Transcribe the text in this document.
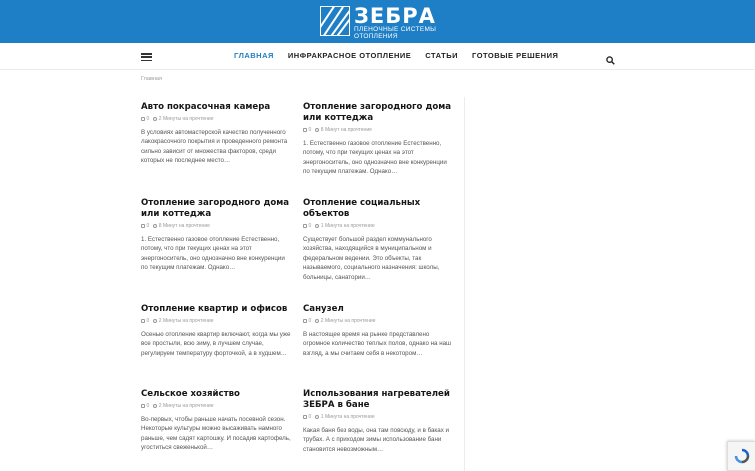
ЗЕБРА
ПЛЕНОЧНЫЕ СИСТЕМЫ
ОТОПЛЕНИЯ
ГЛАВНАЯ ИНФРАКРАСНОЕ ОТОПЛЕНИЕ СТАТЬИ ГОТОВЫЕ РЕШЕНИЯ
Главная
Авто покрасочная камера
0 2 Минуты на прочтение
В условиях автомастерской качество полученного лакокрасочного покрытия и проведенного ремонта сильно зависит от множества факторов, среди которых не последнее место…
Отопление загородного дома или коттеджа
0 8 Минут на прочтение
1. Естественно газовое отопление Естественно, потому, что при текущих ценах на этот энергоноситель, оно однозначно вне конкуренции по текущим платежам. Однако…
Отопление загородного дома или коттеджа
0 8 Минут на прочтение
1. Естественно газовое отопление Естественно, потому, что при текущих ценах на этот энергоноситель, оно однозначно вне конкуренции по текущим платежам. Однако…
Отопление социальных объектов
0 1 Минута на прочтение
Существует большой раздел коммунального хозяйства, находящийся в муниципальном и федеральном ведении. Это объекты, так называемого, социального назначения: школы, больницы, санатории…
Отопление квартир и офисов
0 2 Минуты на прочтение
Осенью отопление квартир включают, когда мы уже все простыли, всю зиму, в лучшем случае, регулируем температуру форточкой, а в худшем…
Санузел
0 2 Минуты на прочтение
В настоящее время на рынке представлено огромное количество теплых полов, однако на наш взгляд, а мы считаем себя в некотором…
Сельское хозяйство
0 2 Минуты на прочтение
Во-первых, чтобы раньше начать посевной сезон. Некоторые культуры можно высаживать намного раньше, чем садят картошку. И посадив картофель, угоститься свеженькой…
Использования нагревателей ЗЕБРА в бане
0 1 Минута на прочтение
Какая баня без воды, она там повсюду, и в баках и трубах. А с приходом зимы использование бани становится невозможным…
